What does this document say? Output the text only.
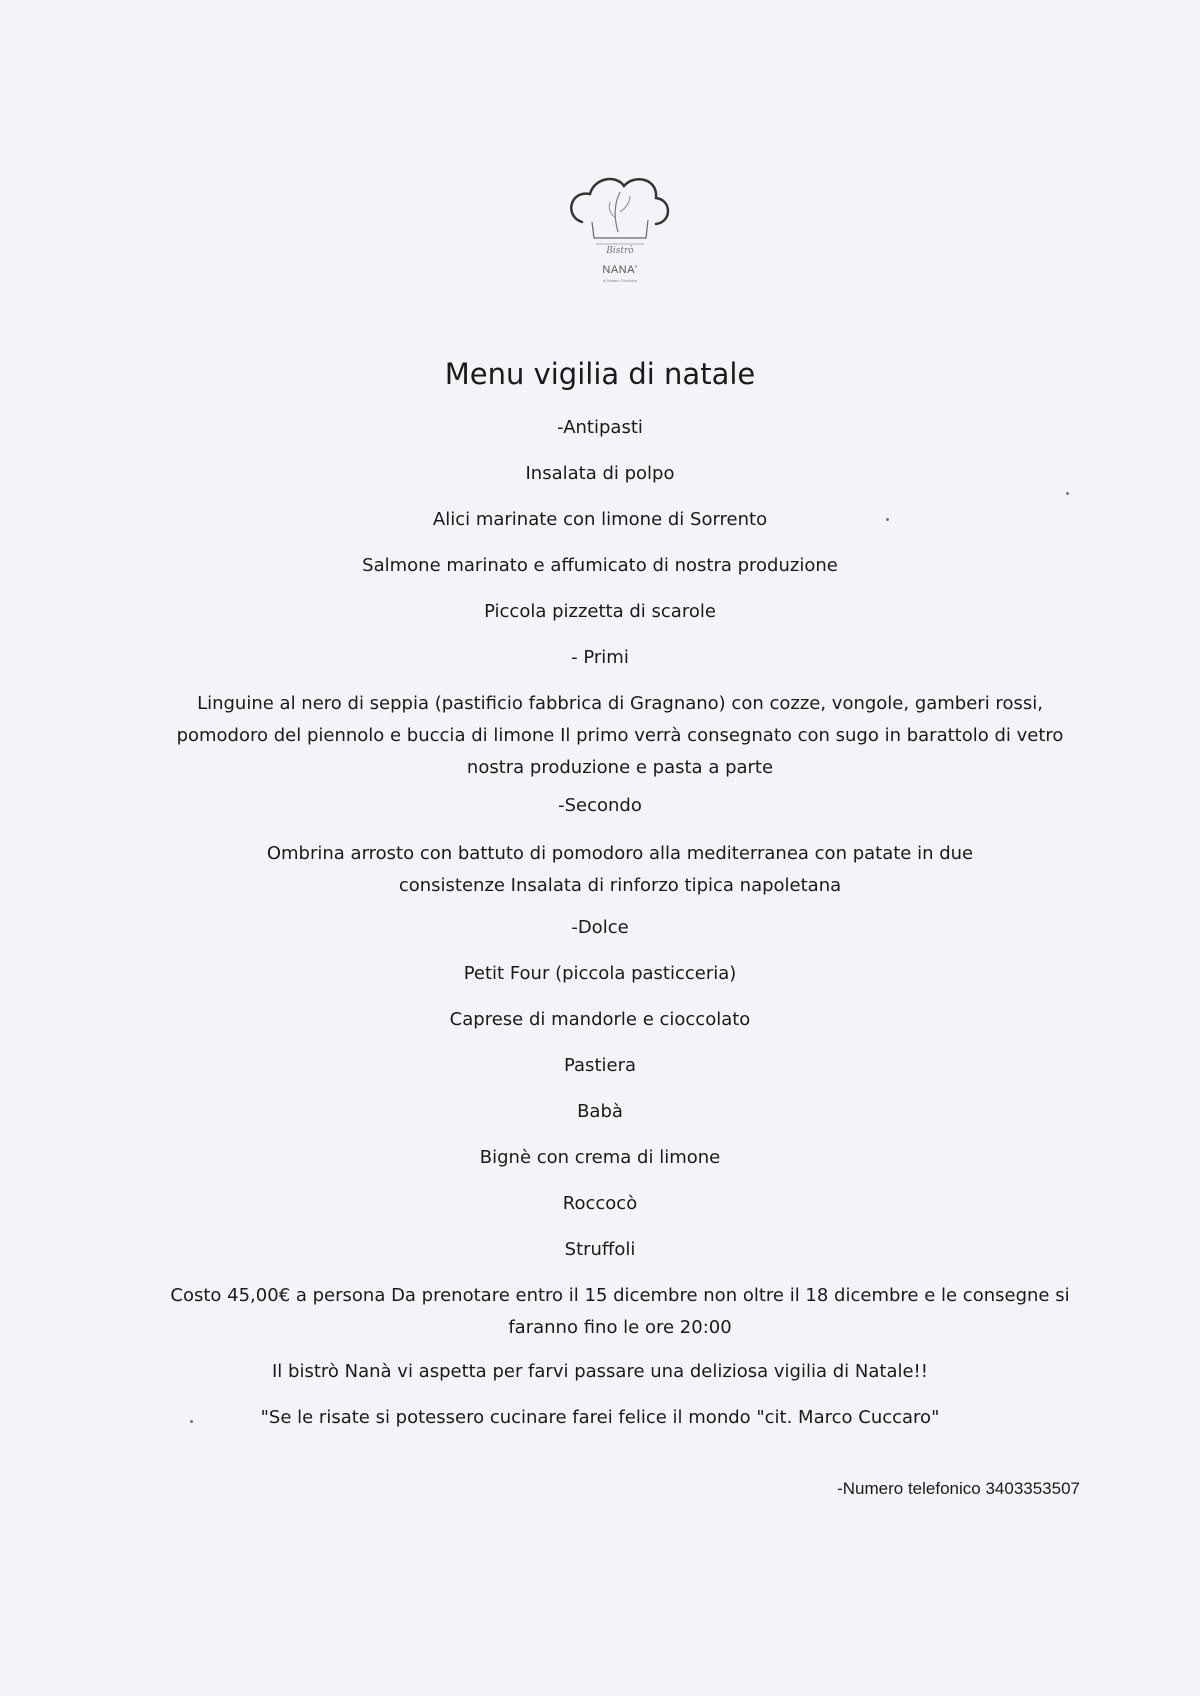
Bistrò
NANA'
di Matteo Giordano
Menu vigilia di natale
-Antipasti
Insalata di polpo
Alici marinate con limone di Sorrento
Salmone marinato e affumicato di nostra produzione
Piccola pizzetta di scarole
- Primi
Linguine al nero di seppia (pastificio fabbrica di Gragnano) con cozze, vongole, gamberi rossi, pomodoro del piennolo e buccia di limone Il primo verrà consegnato con sugo in barattolo di vetro nostra produzione e pasta a parte
-Secondo
Ombrina arrosto con battuto di pomodoro alla mediterranea con patate in due consistenze Insalata di rinforzo tipica napoletana
-Dolce
Petit Four (piccola pasticceria)
Caprese di mandorle e cioccolato
Pastiera
Babà
Bignè con crema di limone
Roccocò
Struffoli
Costo 45,00€ a persona Da prenotare entro il 15 dicembre non oltre il 18 dicembre e le consegne si faranno fino le ore 20:00
Il bistrò Nanà vi aspetta per farvi passare una deliziosa vigilia di Natale!!
"Se le risate si potessero cucinare farei felice il mondo "cit. Marco Cuccaro"
-Numero telefonico 3403353507
